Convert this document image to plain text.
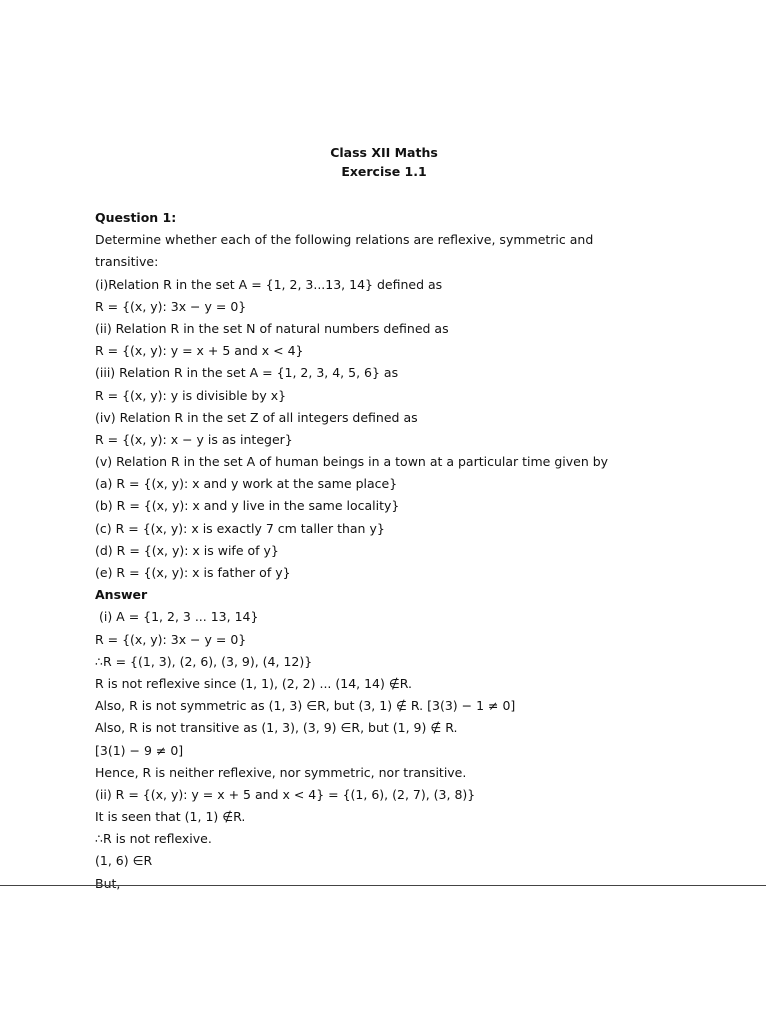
Class XII Maths
Exercise 1.1
Question 1:
Determine whether each of the following relations are reflexive, symmetric and
transitive:
(i)Relation R in the set A = {1, 2, 3...13, 14} defined as
R = {(x, y): 3x − y = 0}
(ii) Relation R in the set N of natural numbers defined as
R = {(x, y): y = x + 5 and x < 4}
(iii) Relation R in the set A = {1, 2, 3, 4, 5, 6} as
R = {(x, y): y is divisible by x}
(iv) Relation R in the set Z of all integers defined as
R = {(x, y): x − y is as integer}
(v) Relation R in the set A of human beings in a town at a particular time given by
(a) R = {(x, y): x and y work at the same place}
(b) R = {(x, y): x and y live in the same locality}
(c) R = {(x, y): x is exactly 7 cm taller than y}
(d) R = {(x, y): x is wife of y}
(e) R = {(x, y): x is father of y}
Answer
(i) A = {1, 2, 3 ... 13, 14}
R = {(x, y): 3x − y = 0}
∴R = {(1, 3), (2, 6), (3, 9), (4, 12)}
R is not reflexive since (1, 1), (2, 2) ... (14, 14) ∉R.
Also, R is not symmetric as (1, 3) ∈R, but (3, 1) ∉ R. [3(3) − 1 ≠ 0]
Also, R is not transitive as (1, 3), (3, 9) ∈R, but (1, 9) ∉ R.
[3(1) − 9 ≠ 0]
Hence, R is neither reflexive, nor symmetric, nor transitive.
(ii) R = {(x, y): y = x + 5 and x < 4} = {(1, 6), (2, 7), (3, 8)}
It is seen that (1, 1) ∉R.
∴R is not reflexive.
(1, 6) ∈R
But,
